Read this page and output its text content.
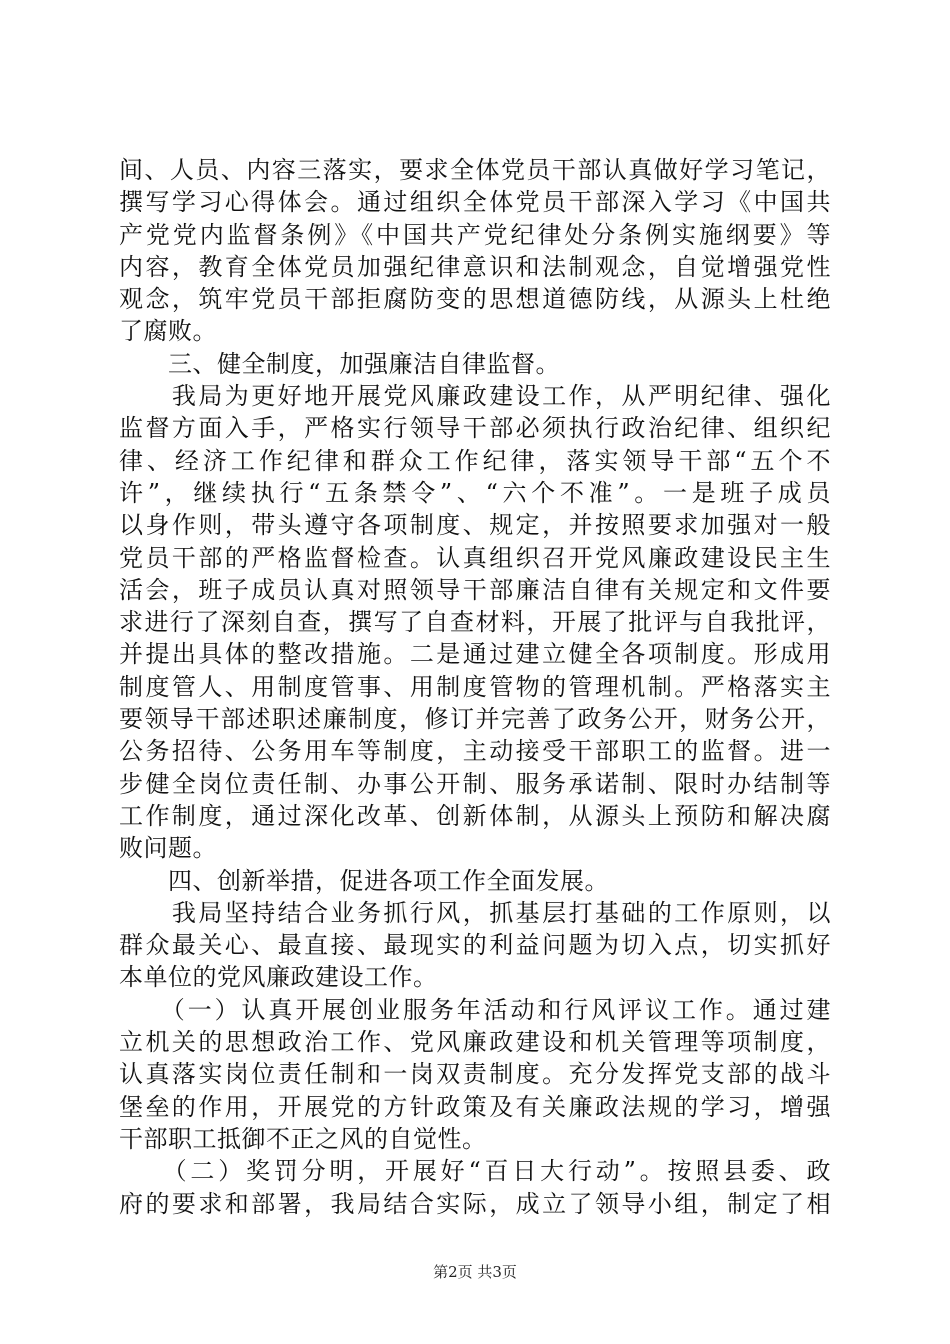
间、人员、内容三落实，要求全体党员干部认真做好学习笔记，
撰写学习心得体会。通过组织全体党员干部深入学习《中国共
产党党内监督条例》《中国共产党纪律处分条例实施纲要》等
内容，教育全体党员加强纪律意识和法制观念，自觉增强党性
观念，筑牢党员干部拒腐防变的思想道德防线，从源头上杜绝
了腐败。
　　三、健全制度，加强廉洁自律监督。
　　我局为更好地开展党风廉政建设工作，从严明纪律、强化
监督方面入手，严格实行领导干部必须执行政治纪律、组织纪
律、经济工作纪律和群众工作纪律，落实领导干部“五个不
许”，继续执行“五条禁令”、“六个不准”。一是班子成员
以身作则，带头遵守各项制度、规定，并按照要求加强对一般
党员干部的严格监督检查。认真组织召开党风廉政建设民主生
活会，班子成员认真对照领导干部廉洁自律有关规定和文件要
求进行了深刻自查，撰写了自查材料，开展了批评与自我批评，
并提出具体的整改措施。二是通过建立健全各项制度。形成用
制度管人、用制度管事、用制度管物的管理机制。严格落实主
要领导干部述职述廉制度，修订并完善了政务公开，财务公开，
公务招待、公务用车等制度，主动接受干部职工的监督。进一
步健全岗位责任制、办事公开制、服务承诺制、限时办结制等
工作制度，通过深化改革、创新体制，从源头上预防和解决腐
败问题。
　　四、创新举措，促进各项工作全面发展。
　　我局坚持结合业务抓行风，抓基层打基础的工作原则，以
群众最关心、最直接、最现实的利益问题为切入点，切实抓好
本单位的党风廉政建设工作。
　　（一）认真开展创业服务年活动和行风评议工作。通过建
立机关的思想政治工作、党风廉政建设和机关管理等项制度，
认真落实岗位责任制和一岗双责制度。充分发挥党支部的战斗
堡垒的作用，开展党的方针政策及有关廉政法规的学习，增强
干部职工抵御不正之风的自觉性。
　　（二）奖罚分明，开展好“百日大行动”。按照县委、政
府的要求和部署，我局结合实际，成立了领导小组，制定了相
第2页 共3页
